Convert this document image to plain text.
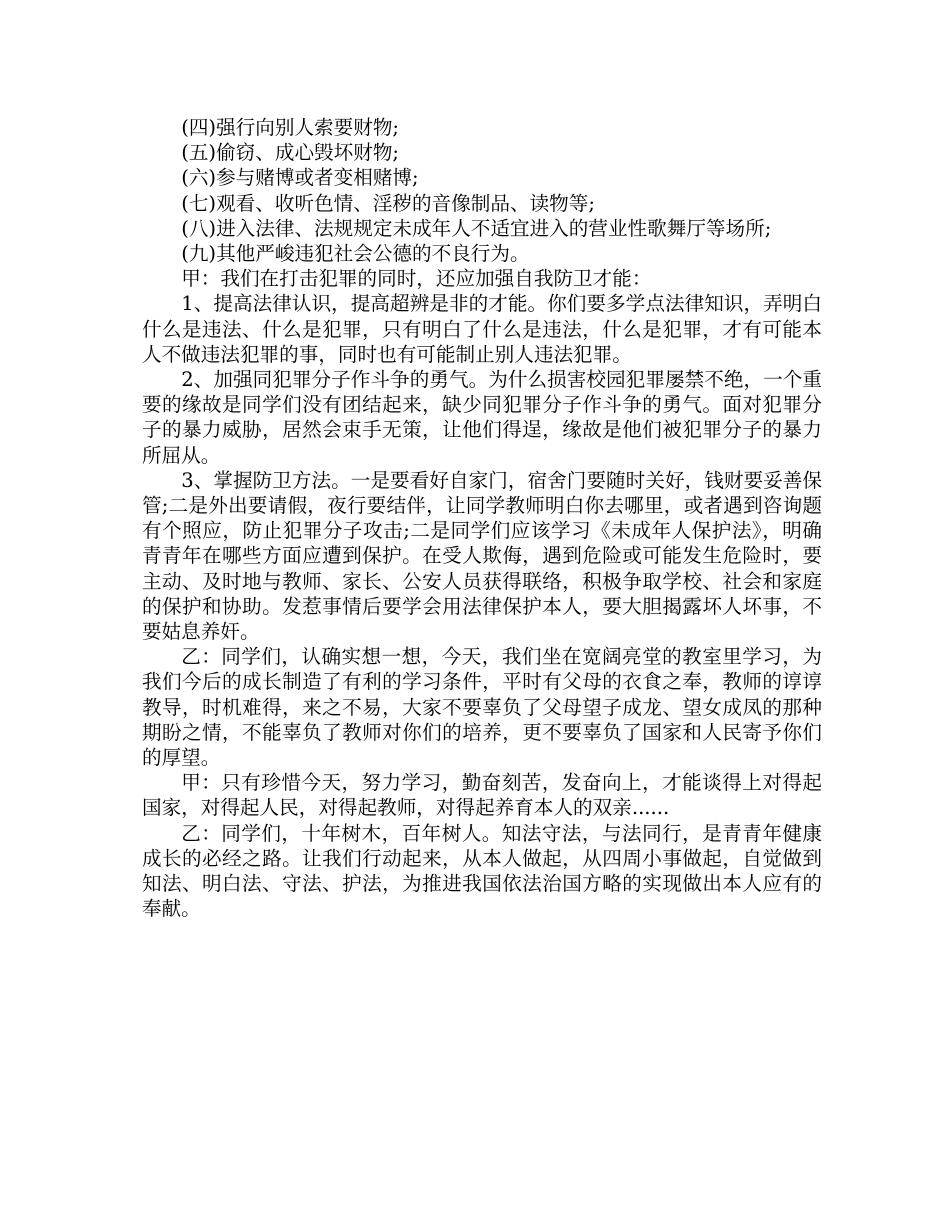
(四)强行向别人索要财物;

(五)偷窃、成心毁坏财物;

(六)参与赌博或者变相赌博;

(七)观看、收听色情、淫秽的音像制品、读物等;

(八)进入法律、法规规定未成年人不适宜进入的营业性歌舞厅等场所;

(九)其他严峻违犯社会公德的不良行为。

甲：我们在打击犯罪的同时，还应加强自我防卫才能：

1、提高法律认识，提高超辨是非的才能。你们要多学点法律知识，弄明白什么是违法、什么是犯罪，只有明白了什么是违法，什么是犯罪，才有可能本人不做违法犯罪的事，同时也有可能制止别人违法犯罪。

2、加强同犯罪分子作斗争的勇气。为什么损害校园犯罪屡禁不绝，一个重要的缘故是同学们没有团结起来，缺少同犯罪分子作斗争的勇气。面对犯罪分子的暴力威胁，居然会束手无策，让他们得逞，缘故是他们被犯罪分子的暴力所屈从。

3、掌握防卫方法。一是要看好自家门，宿舍门要随时关好，钱财要妥善保管;二是外出要请假，夜行要结伴，让同学教师明白你去哪里，或者遇到咨询题有个照应，防止犯罪分子攻击;二是同学们应该学习《未成年人保护法》，明确青青年在哪些方面应遭到保护。在受人欺侮，遇到危险或可能发生危险时，要主动、及时地与教师、家长、公安人员获得联络，积极争取学校、社会和家庭的保护和协助。发惹事情后要学会用法律保护本人，要大胆揭露坏人坏事，不要姑息养奸。

乙：同学们，认确实想一想，今天，我们坐在宽阔亮堂的教室里学习，为我们今后的成长制造了有利的学习条件，平时有父母的衣食之奉，教师的谆谆教导，时机难得，来之不易，大家不要辜负了父母望子成龙、望女成凤的那种期盼之情，不能辜负了教师对你们的培养，更不要辜负了国家和人民寄予你们的厚望。

甲：只有珍惜今天，努力学习，勤奋刻苦，发奋向上，才能谈得上对得起国家，对得起人民，对得起教师，对得起养育本人的双亲......

乙：同学们，十年树木，百年树人。知法守法，与法同行，是青青年健康成长的必经之路。让我们行动起来，从本人做起，从四周小事做起，自觉做到知法、明白法、守法、护法，为推进我国依法治国方略的实现做出本人应有的奉献。
